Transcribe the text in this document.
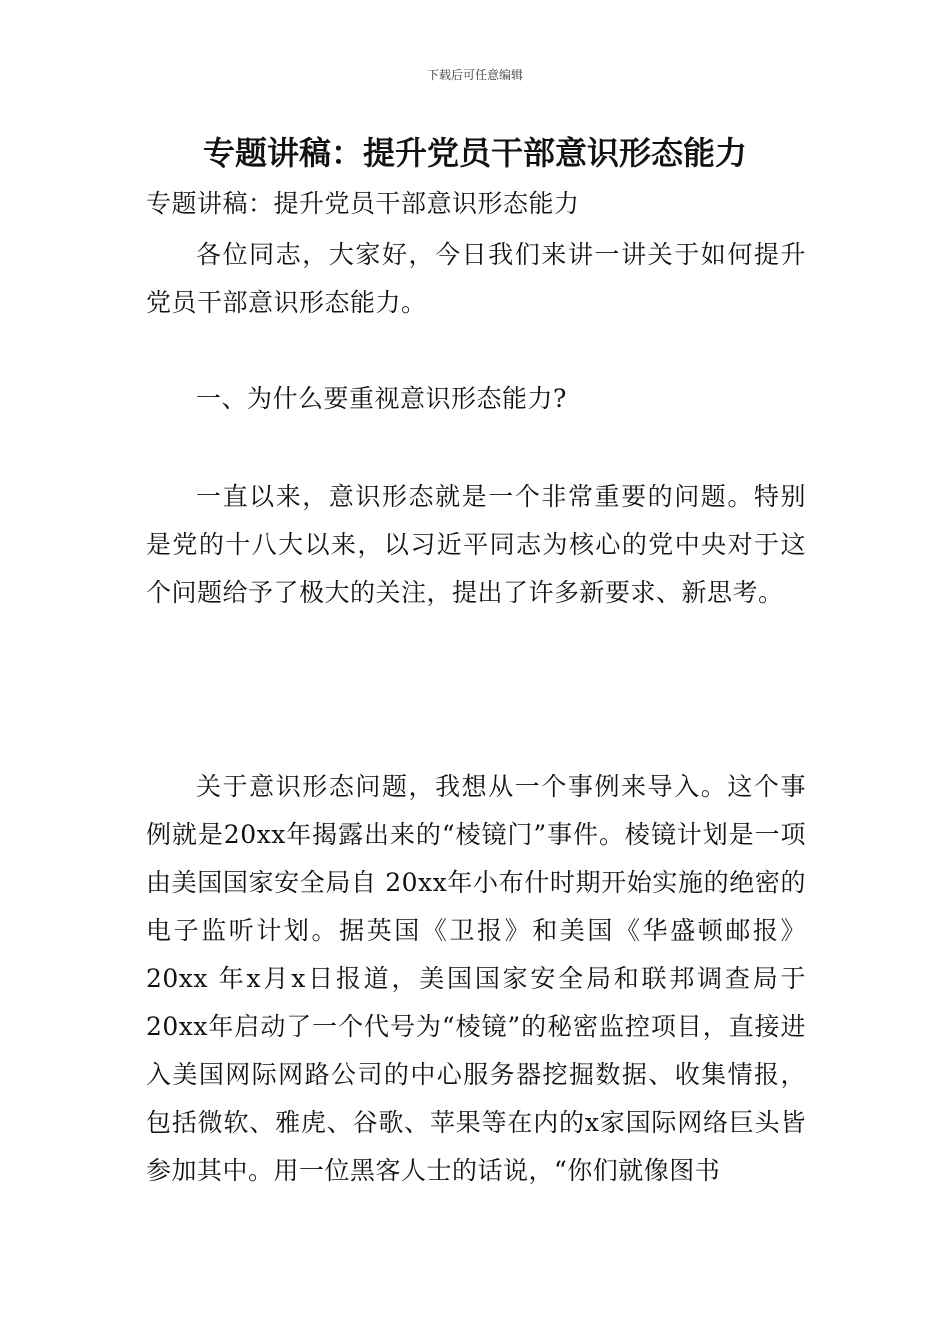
下载后可任意编辑
专题讲稿：提升党员干部意识形态能力

专题讲稿：提升党员干部意识形态能力

各位同志，大家好，今日我们来讲一讲关于如何提升党员干部意识形态能力。

一、为什么要重视意识形态能力?

一直以来，意识形态就是一个非常重要的问题。特别是党的十八大以来，以习近平同志为核心的党中央对于这个问题给予了极大的关注，提出了许多新要求、新思考。

关于意识形态问题，我想从一个事例来导入。这个事例就是20xx年揭露出来的“棱镜门”事件。棱镜计划是一项由美国国家安全局自 20xx年小布什时期开始实施的绝密的电子监听计划。据英国《卫报》和美国《华盛顿邮报》20xx 年x月x日报道，美国国家安全局和联邦调查局于 20xx年启动了一个代号为“棱镜”的秘密监控项目，直接进入美国网际网路公司的中心服务器挖掘数据、收集情报，包括微软、雅虎、谷歌、苹果等在内的x家国际网络巨头皆参加其中。用一位黑客人士的话说，“你们就像图书
